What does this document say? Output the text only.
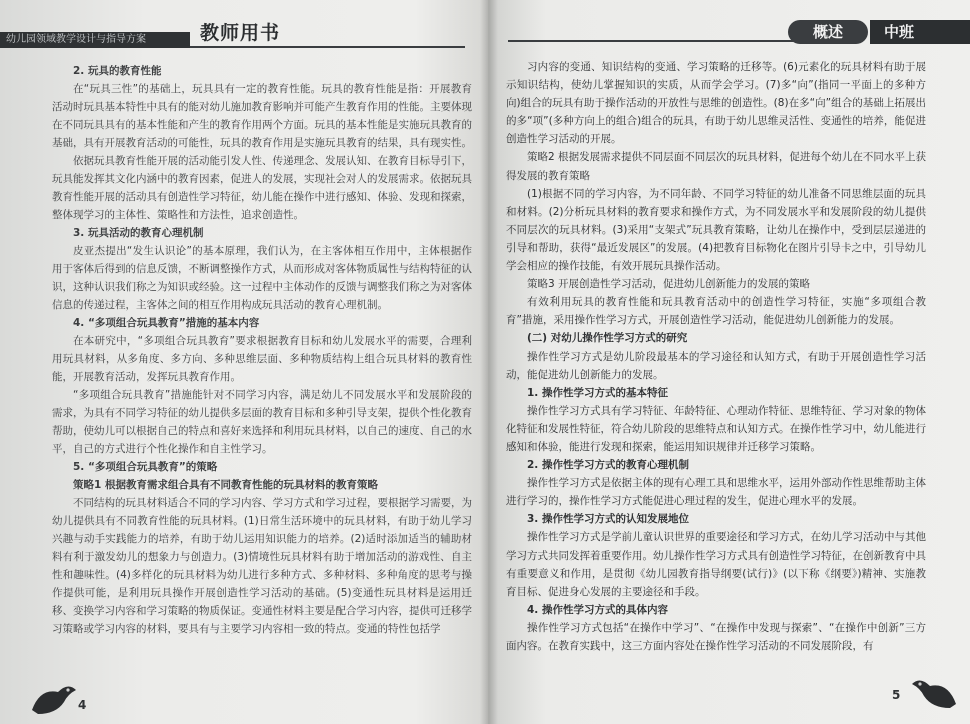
幼儿园领域教学设计与指导方案	教师用书

2. 玩具的教育性能

在“玩具三性”的基础上，玩具具有一定的教育性能。玩具的教育性能是指：开展教育活动时玩具基本特性中具有的能对幼儿施加教育影响并可能产生教育作用的性能。主要体现在不同玩具具有的基本性能和产生的教育作用两个方面。玩具的基本性能是实施玩具教育的基础，具有开展教育活动的可能性，玩具的教育作用是实施玩具教育的结果，具有现实性。

依据玩具教育性能开展的活动能引发人性、传递理念、发展认知、在教育目标导引下，玩具能发挥其文化内涵中的教育因素，促进人的发展，实现社会对人的发展需求。依据玩具教育性能开展的活动具有创造性学习特征，幼儿能在操作中进行感知、体验、发现和探索，整体现学习的主体性、策略性和方法性，追求创造性。

3. 玩具活动的教育心理机制

皮亚杰提出“发生认识论”的基本原理，我们认为，在主客体相互作用中，主体根据作用于客体后得到的信息反馈，不断调整操作方式，从而形成对客体物质属性与结构特征的认识，这种认识我们称之为知识或经验。这一过程中主体动作的反馈与调整我们称之为对客体信息的传递过程，主客体之间的相互作用构成玩具活动的教育心理机制。

4. “多项组合玩具教育”措施的基本内容

在本研究中，“多项组合玩具教育”要求根据教育目标和幼儿发展水平的需要，合理利用玩具材料，从多角度、多方向、多种思维层面、多种物质结构上组合玩具材料的教育性能，开展教育活动，发挥玩具教育作用。

“多项组合玩具教育”措施能针对不同学习内容，满足幼儿不同发展水平和发展阶段的需求，为具有不同学习特征的幼儿提供多层面的教育目标和多种引导支架，提供个性化教育帮助，使幼儿可以根据自己的特点和喜好来选择和利用玩具材料，以自己的速度、自己的水平，自己的方式进行个性化操作和自主性学习。

5. “多项组合玩具教育”的策略

策略1 根据教育需求组合具有不同教育性能的玩具材料的教育策略

不同结构的玩具材料适合不同的学习内容、学习方式和学习过程，要根据学习需要，为幼儿提供具有不同教育性能的玩具材料。(1)日常生活环境中的玩具材料，有助于幼儿学习兴趣与动手实践能力的培养，有助于幼儿运用知识能力的培养。(2)适时添加适当的辅助材料有利于激发幼儿的想象力与创造力。(3)情境性玩具材料有助于增加活动的游戏性、自主性和趣味性。(4)多样化的玩具材料为幼儿进行多种方式、多种材料、多种角度的思考与操作提供可能，是利用玩具操作开展创造性学习活动的基础。(5)变通性玩具材料是运用迁移、变换学习内容和学习策略的物质保证。变通性材料主要是配合学习内容，提供可迁移学习策略或学习内容的材料，要具有与主要学习内容相一致的特点。变通的特性包括学

4
概述	中班

习内容的变通、知识结构的变通、学习策略的迁移等。(6)元素化的玩具材料有助于展示知识结构，使幼儿掌握知识的实质，从而学会学习。(7)多“向”(指同一平面上的多种方向)组合的玩具有助于操作活动的开放性与思维的创造性。(8)在多“向”组合的基础上拓展出的多“项”(多种方向上的组合)组合的玩具，有助于幼儿思维灵活性、变通性的培养，能促进创造性学习活动的开展。

策略2 根据发展需求提供不同层面不同层次的玩具材料，促进每个幼儿在不同水平上获得发展的教育策略

(1)根据不同的学习内容，为不同年龄、不同学习特征的幼儿准备不同思维层面的玩具和材料。(2)分析玩具材料的教育要求和操作方式，为不同发展水平和发展阶段的幼儿提供不同层次的玩具材料。(3)采用“支架式”玩具教育策略，让幼儿在操作中，受到层层递进的引导和帮助，获得“最近发展区”的发展。(4)把教育目标物化在图片引导卡之中，引导幼儿学会相应的操作技能，有效开展玩具操作活动。

策略3 开展创造性学习活动，促进幼儿创新能力的发展的策略

有效利用玩具的教育性能和玩具教育活动中的创造性学习特征，实施“多项组合教育”措施，采用操作性学习方式，开展创造性学习活动，能促进幼儿创新能力的发展。

(二) 对幼儿操作性学习方式的研究

操作性学习方式是幼儿阶段最基本的学习途径和认知方式，有助于开展创造性学习活动，能促进幼儿创新能力的发展。

1. 操作性学习方式的基本特征

操作性学习方式具有学习特征、年龄特征、心理动作特征、思维特征、学习对象的物体化特征和发展性特征，符合幼儿阶段的思维特点和认知方式。在操作性学习中，幼儿能进行感知和体验，能进行发现和探索，能运用知识规律并迁移学习策略。

2. 操作性学习方式的教育心理机制

操作性学习方式是依据主体的现有心理工具和思维水平，运用外部动作性思维帮助主体进行学习的，操作性学习方式能促进心理过程的发生，促进心理水平的发展。

3. 操作性学习方式的认知发展地位

操作性学习方式是学前儿童认识世界的重要途径和学习方式，在幼儿学习活动中与其他学习方式共同发挥着重要作用。幼儿操作性学习方式具有创造性学习特征，在创新教育中具有重要意义和作用，是贯彻《幼儿园教育指导纲要(试行)》(以下称《纲要》)精神、实施教育目标、促进身心发展的主要途径和手段。

4. 操作性学习方式的具体内容

操作性学习方式包括“在操作中学习”、“在操作中发现与探索”、“在操作中创新”三方面内容。在教育实践中，这三方面内容处在操作性学习活动的不同发展阶段，有

5
